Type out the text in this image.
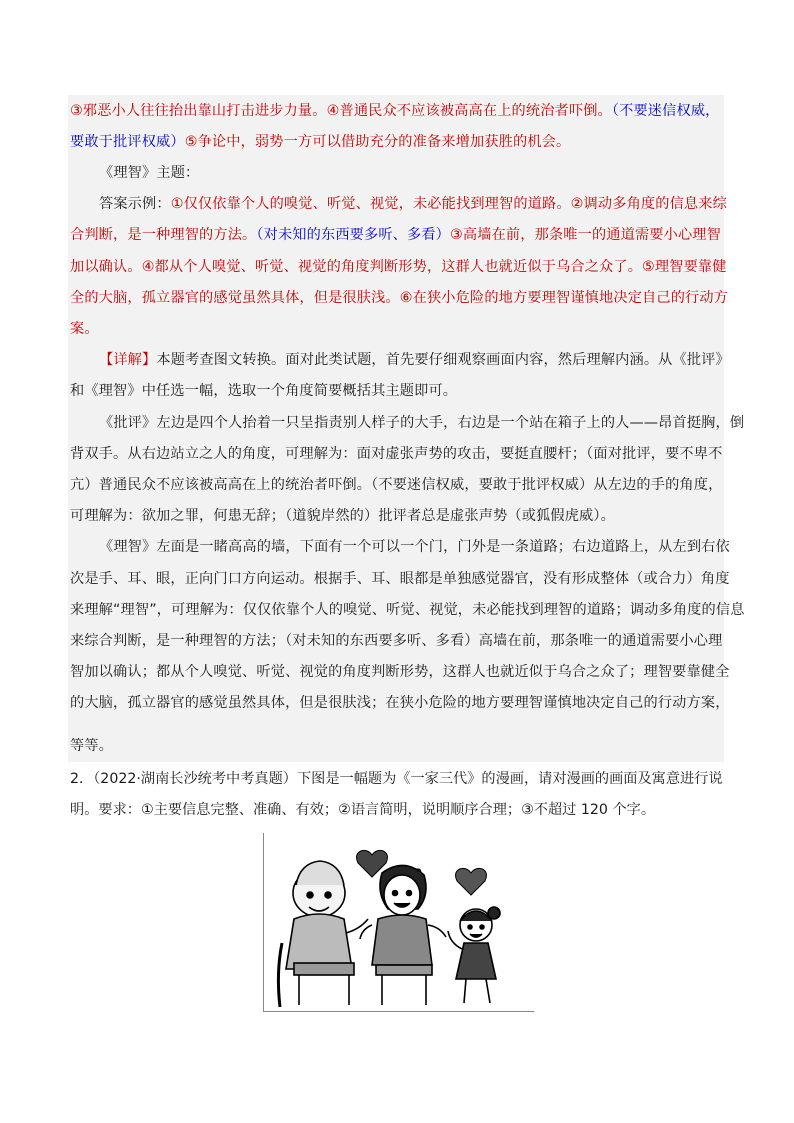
③邪恶小人往往抬出靠山打击进步力量。④普通民众不应该被高高在上的统治者吓倒。（不要迷信权威，
要敢于批评权威）⑤争论中，弱势一方可以借助充分的准备来增加获胜的机会。
《理智》主题：
答案示例：①仅仅依靠个人的嗅觉、听觉、视觉，未必能找到理智的道路。②调动多角度的信息来综
合判断，是一种理智的方法。（对未知的东西要多听、多看）③高墙在前，那条唯一的通道需要小心理智
加以确认。④都从个人嗅觉、听觉、视觉的角度判断形势，这群人也就近似于乌合之众了。⑤理智要靠健
全的大脑，孤立器官的感觉虽然具体，但是很肤浅。⑥在狭小危险的地方要理智谨慎地决定自己的行动方
案。
【详解】本题考查图文转换。面对此类试题，首先要仔细观察画面内容，然后理解内涵。从《批评》
和《理智》中任选一幅，选取一个角度简要概括其主题即可。
《批评》左边是四个人抬着一只呈指责别人样子的大手，右边是一个站在箱子上的人——昂首挺胸，倒
背双手。从右边站立之人的角度，可理解为：面对虚张声势的攻击，要挺直腰杆；（面对批评，要不卑不
亢）普通民众不应该被高高在上的统治者吓倒。（不要迷信权威，要敢于批评权威）从左边的手的角度，
可理解为：欲加之罪，何患无辞；（道貌岸然的）批评者总是虚张声势（或狐假虎威）。
《理智》左面是一睹高高的墙，下面有一个可以一个门，门外是一条道路；右边道路上，从左到右依
次是手、耳、眼，正向门口方向运动。根据手、耳、眼都是单独感觉器官，没有形成整体（或合力）角度
来理解“理智”，可理解为：仅仅依靠个人的嗅觉、听觉、视觉，未必能找到理智的道路；调动多角度的信息
来综合判断，是一种理智的方法；（对未知的东西要多听、多看）高墙在前，那条唯一的通道需要小心理
智加以确认；都从个人嗅觉、听觉、视觉的角度判断形势，这群人也就近似于乌合之众了；理智要靠健全
的大脑，孤立器官的感觉虽然具体，但是很肤浅；在狭小危险的地方要理智谨慎地决定自己的行动方案，
等等。
2．（2022·湖南长沙统考中考真题）下图是一幅题为《一家三代》的漫画，请对漫画的画面及寓意进行说
明。要求：①主要信息完整、准确、有效；②语言简明，说明顺序合理；③不超过 120 个字。
